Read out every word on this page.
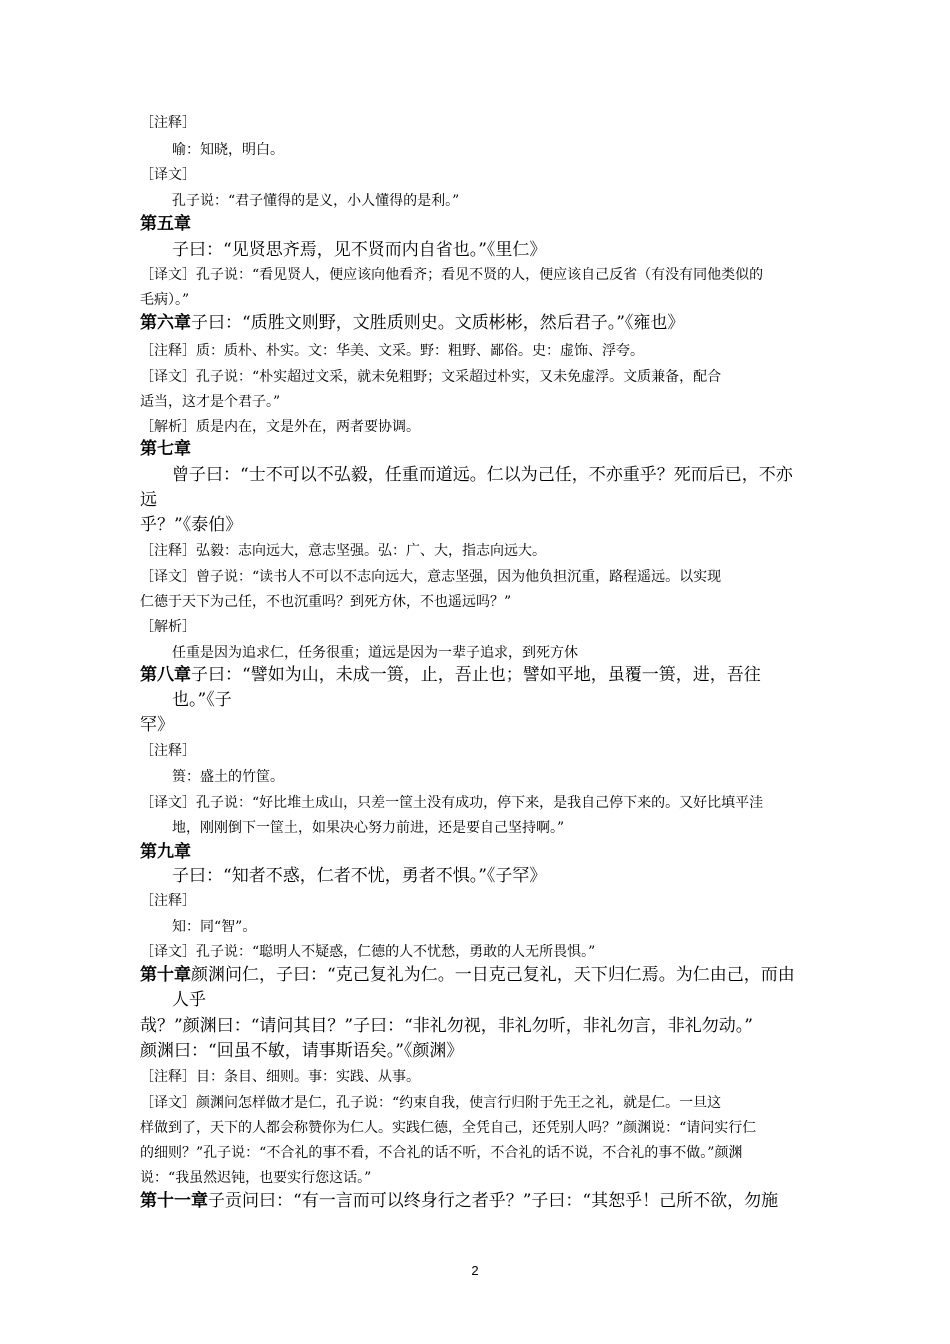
［注释］
喻：知晓，明白。
［译文］
孔子说：“君子懂得的是义，小人懂得的是利。”
第五章
子曰：“见贤思齐焉，见不贤而内自省也。”《里仁》
［译文］孔子说：“看见贤人，便应该向他看齐；看见不贤的人，便应该自己反省（有没有同他类似的
毛病）。”
第六章子曰：“质胜文则野，文胜质则史。文质彬彬，然后君子。”《雍也》
［注释］质：质朴、朴实。文：华美、文采。野：粗野、鄙俗。史：虚饰、浮夸。
［译文］孔子说：“朴实超过文采，就未免粗野；文采超过朴实，又未免虚浮。文质兼备，配合
适当，这才是个君子。”
［解析］质是内在，文是外在，两者要协调。
第七章
曾子曰：“士不可以不弘毅，任重而道远。仁以为己任，不亦重乎？死而后已，不亦
远
乎？”《泰伯》
［注释］弘毅：志向远大，意志坚强。弘：广、大，指志向远大。
［译文］曾子说：“读书人不可以不志向远大，意志坚强，因为他负担沉重，路程遥远。以实现
仁德于天下为己任，不也沉重吗？到死方休，不也遥远吗？”
［解析］
任重是因为追求仁，任务很重；道远是因为一辈子追求，到死方休
第八章子曰：“譬如为山，未成一篑，止，吾止也；譬如平地，虽覆一篑，进，吾往
也。”《子
罕》
［注释］
篑：盛土的竹筐。
［译文］孔子说：“好比堆土成山，只差一筐土没有成功，停下来，是我自己停下来的。又好比填平洼
地，刚刚倒下一筐土，如果决心努力前进，还是要自己坚持啊。”
第九章
子曰：“知者不惑，仁者不忧，勇者不惧。”《子罕》
［注释］
知：同“智”。
［译文］孔子说：“聪明人不疑惑，仁德的人不忧愁，勇敢的人无所畏惧。”
第十章颜渊问仁，子曰：“克己复礼为仁。一日克己复礼，天下归仁焉。为仁由己，而由
人乎
哉？”颜渊曰：“请问其目？”子曰：“非礼勿视，非礼勿听，非礼勿言，非礼勿动。”
颜渊曰：“回虽不敏，请事斯语矣。”《颜渊》
［注释］目：条目、细则。事：实践、从事。
［译文］颜渊问怎样做才是仁，孔子说：“约束自我，使言行归附于先王之礼，就是仁。一旦这
样做到了，天下的人都会称赞你为仁人。实践仁德，全凭自己，还凭别人吗？”颜渊说：“请问实行仁
的细则？”孔子说：“不合礼的事不看，不合礼的话不听，不合礼的话不说，不合礼的事不做。”颜渊
说：“我虽然迟钝，也要实行您这话。”
第十一章子贡问曰：“有一言而可以终身行之者乎？”子曰：“其恕乎！己所不欲，勿施
2
